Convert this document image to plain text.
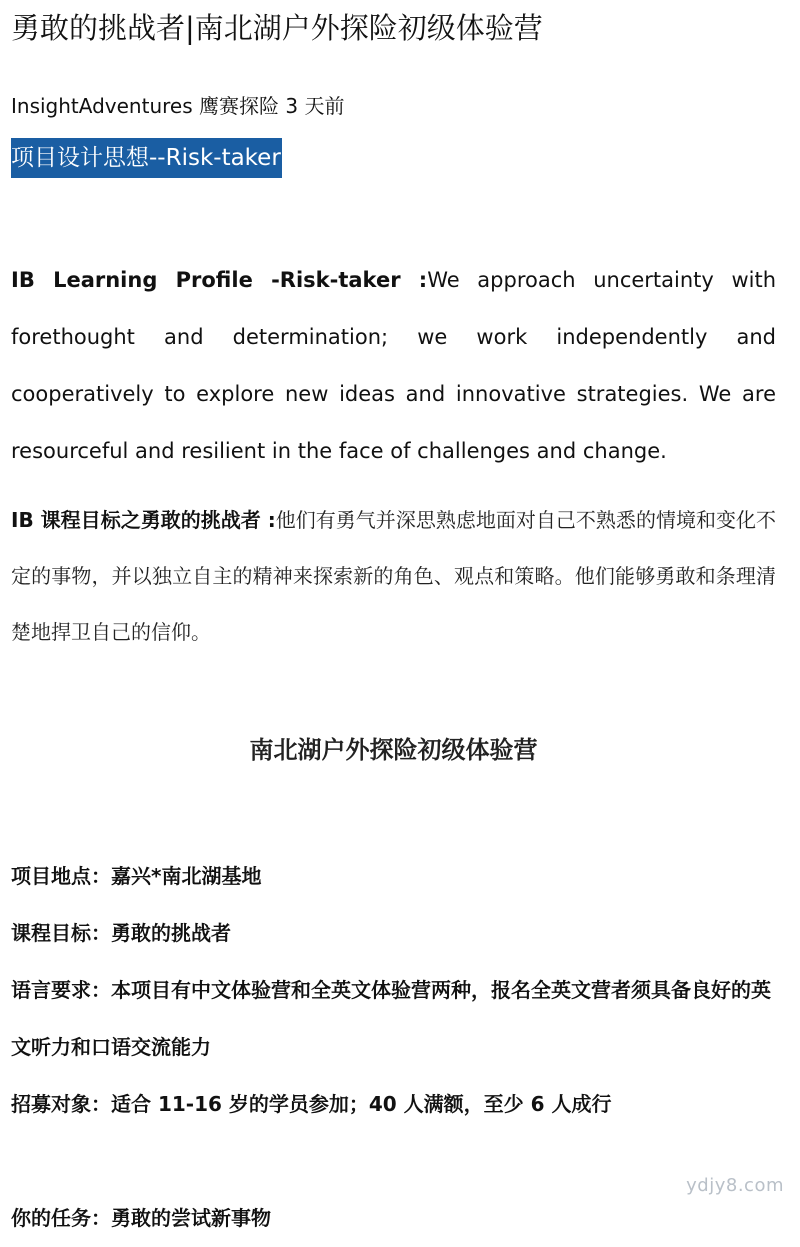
勇敢的挑战者|南北湖户外探险初级体验营
InsightAdventures 鹰赛探险 3 天前
项目设计思想--Risk-taker

IB Learning Profile -Risk-taker :We approach uncertainty with forethought and determination; we work independently and cooperatively to explore new ideas and innovative strategies. We are resourceful and resilient in the face of challenges and change.

IB 课程目标之勇敢的挑战者 :他们有勇气并深思熟虑地面对自己不熟悉的情境和变化不定的事物，并以独立自主的精神来探索新的角色、观点和策略。他们能够勇敢和条理清楚地捍卫自己的信仰。

南北湖户外探险初级体验营

项目地点：嘉兴*南北湖基地

课程目标：勇敢的挑战者

语言要求：本项目有中文体验营和全英文体验营两种，报名全英文营者须具备良好的英文听力和口语交流能力

招募对象：适合 11-16 岁的学员参加；40 人满额，至少 6 人成行

你的任务：勇敢的尝试新事物
ydjy8.com
